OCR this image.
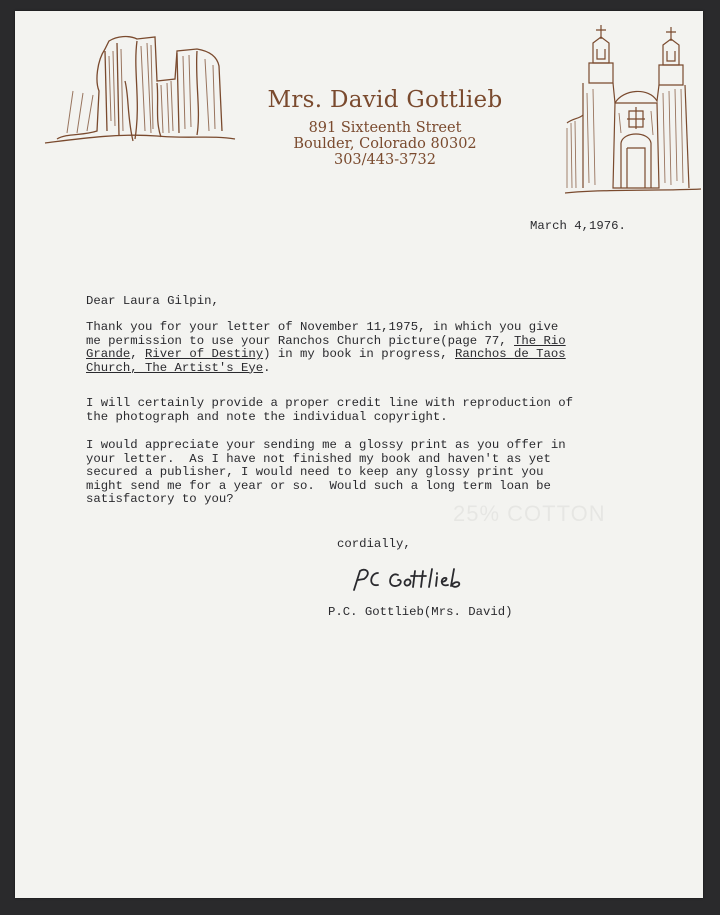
Mrs. David Gottlieb
891 Sixteenth Street
Boulder, Colorado 80302
303/443-3732
25% COTTON
March 4,1976.
Dear Laura Gilpin,
Thank you for your letter of November 11,1975, in which you give
me permission to use your Ranchos Church picture(page 77, The Rio
Grande, River of Destiny) in my book in progress, Ranchos de Taos
Church, The Artist's Eye.
I will certainly provide a proper credit line with reproduction of
the photograph and note the individual copyright.
I would appreciate your sending me a glossy print as you offer in
your letter.  As I have not finished my book and haven't as yet
secured a publisher, I would need to keep any glossy print you
might send me for a year or so.  Would such a long term loan be
satisfactory to you?
cordially,
P.C. Gottlieb(Mrs. David)
